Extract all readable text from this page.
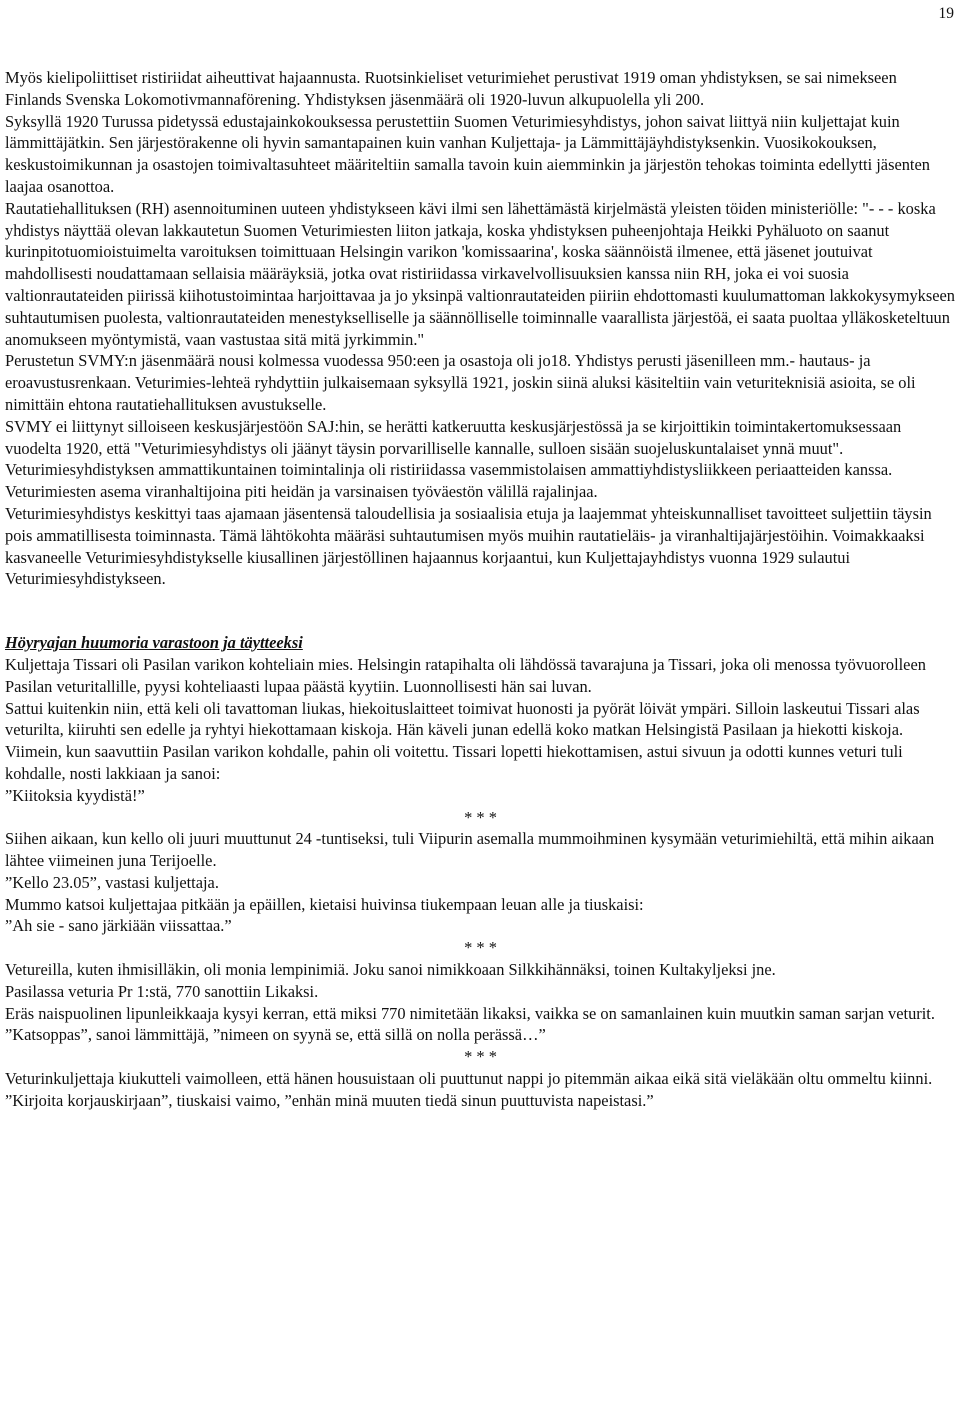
19

Myös kielipoliittiset ristiriidat aiheuttivat hajaannusta. Ruotsinkieliset veturimiehet perustivat 1919 oman yhdistyksen, se sai nimekseen Finlands Svenska Lokomotivmannaförening. Yhdistyksen jäsenmäärä oli 1920-luvun alkupuolella yli 200.

Syksyllä 1920 Turussa pidetyssä edustajainkokouksessa perustettiin Suomen Veturimiesyhdistys, johon saivat liittyä niin kuljettajat kuin lämmittäjätkin. Sen järjestörakenne oli hyvin samantapainen kuin vanhan Kuljettaja- ja Lämmittäjäyhdistyksenkin. Vuosikokouksen, keskustoimikunnan ja osastojen toimivaltasuhteet määriteltiin samalla tavoin kuin aiemminkin ja järjestön tehokas toiminta edellytti jäsenten laajaa osanottoa.

Rautatiehallituksen (RH) asennoituminen uuteen yhdistykseen kävi ilmi sen lähettämästä kirjelmästä yleisten töiden ministeriölle: "- - - koska yhdistys näyttää olevan lakkautetun Suomen Veturimiesten liiton jatkaja, koska yhdistyksen puheenjohtaja Heikki Pyhäluoto on saanut kurinpitotuomioistuimelta varoituksen toimittuaan Helsingin varikon 'komissaarina', koska säännöistä ilmenee, että jäsenet joutuivat mahdollisesti noudattamaan sellaisia määräyksiä, jotka ovat ristiriidassa virkavelvollisuuksien kanssa niin RH, joka ei voi suosia valtionrautateiden piirissä kiihotustoimintaa harjoittavaa ja jo yksinpä valtionrautateiden piiriin ehdottomasti kuulumattoman lakkokysymykseen suhtautumisen puolesta, valtionrautateiden menestykselliselle ja säännölliselle toiminnalle vaarallista järjestöä, ei saata puoltaa ylläkosketeltuun anomukseen myöntymistä, vaan vastustaa sitä mitä jyrkimmin."

Perustetun SVMY:n jäsenmäärä nousi kolmessa vuodessa 950:een ja osastoja oli jo18. Yhdistys perusti jäsenilleen mm.- hautaus- ja eroavustusrenkaan. Veturimies-lehteä ryhdyttiin julkaisemaan syksyllä 1921, joskin siinä aluksi käsiteltiin vain veturiteknisiä asioita, se oli nimittäin ehtona rautatiehallituksen avustukselle.

SVMY ei liittynyt silloiseen keskusjärjestöön SAJ:hin, se herätti katkeruutta keskusjärjestössä ja se kirjoittikin toimintakertomuksessaan vuodelta 1920, että "Veturimiesyhdistys oli jäänyt täysin porvarilliselle kannalle, sulloen sisään suojeluskuntalaiset ynnä muut". Veturimiesyhdistyksen ammattikuntainen toimintalinja oli ristiriidassa vasemmistolaisen ammattiyhdistysliikkeen periaatteiden kanssa. Veturimiesten asema viranhaltijoina piti heidän ja varsinaisen työväestön välillä rajalinjaa.

Veturimiesyhdistys keskittyi taas ajamaan jäsentensä taloudellisia ja sosiaalisia etuja ja laajemmat yhteiskunnalliset tavoitteet suljettiin täysin pois ammatillisesta toiminnasta. Tämä lähtökohta määräsi suhtautumisen myös muihin rautatieläis- ja viranhaltijajärjestöihin. Voimakkaaksi kasvaneelle Veturimiesyhdistykselle kiusallinen järjestöllinen hajaannus korjaantui, kun Kuljettajayhdistys vuonna 1929 sulautui Veturimiesyhdistykseen.

Höyryajan huumoria varastoon ja täytteeksi

Kuljettaja Tissari oli Pasilan varikon kohteliain mies. Helsingin ratapihalta oli lähdössä tavarajuna ja Tissari, joka oli menossa työvuorolleen Pasilan veturitallille, pyysi kohteliaasti lupaa päästä kyytiin. Luonnollisesti hän sai luvan.

Sattui kuitenkin niin, että keli oli tavattoman liukas, hiekoituslaitteet toimivat huonosti ja pyörät löivät ympäri. Silloin laskeutui Tissari alas veturilta, kiiruhti sen edelle ja ryhtyi hiekottamaan kiskoja. Hän käveli junan edellä koko matkan Helsingistä Pasilaan ja hiekotti kiskoja. Viimein, kun saavuttiin Pasilan varikon kohdalle, pahin oli voitettu. Tissari lopetti hiekottamisen, astui sivuun ja odotti kunnes veturi tuli kohdalle, nosti lakkiaan ja sanoi:

”Kiitoksia kyydistä!”

* * *

Siihen aikaan, kun kello oli juuri muuttunut 24 -tuntiseksi, tuli Viipurin asemalla mummoihminen kysymään veturimiehiltä, että mihin aikaan lähtee viimeinen juna Terijoelle.

”Kello 23.05”, vastasi kuljettaja.

Mummo katsoi kuljettajaa pitkään ja epäillen, kietaisi huivinsa tiukempaan leuan alle ja tiuskaisi:

”Ah sie - sano järkiään viissattaa.”

* * *

Vetureilla, kuten ihmisilläkin, oli monia lempinimiä. Joku sanoi nimikkoaan Silkkihännäksi, toinen Kultakyljeksi jne.

Pasilassa veturia Pr 1:stä, 770 sanottiin Likaksi.

Eräs naispuolinen lipunleikkaaja kysyi kerran, että miksi 770 nimitetään likaksi, vaikka se on samanlainen kuin muutkin saman sarjan veturit.

”Katsoppas”, sanoi lämmittäjä, ”nimeen on syynä se, että sillä on nolla perässä…”

* * *

Veturinkuljettaja kiukutteli vaimolleen, että hänen housuistaan oli puuttunut nappi jo pitemmän aikaa eikä sitä vieläkään oltu ommeltu kiinni.

”Kirjoita korjauskirjaan”, tiuskaisi vaimo, ”enhän minä muuten tiedä sinun puuttuvista napeistasi.”
